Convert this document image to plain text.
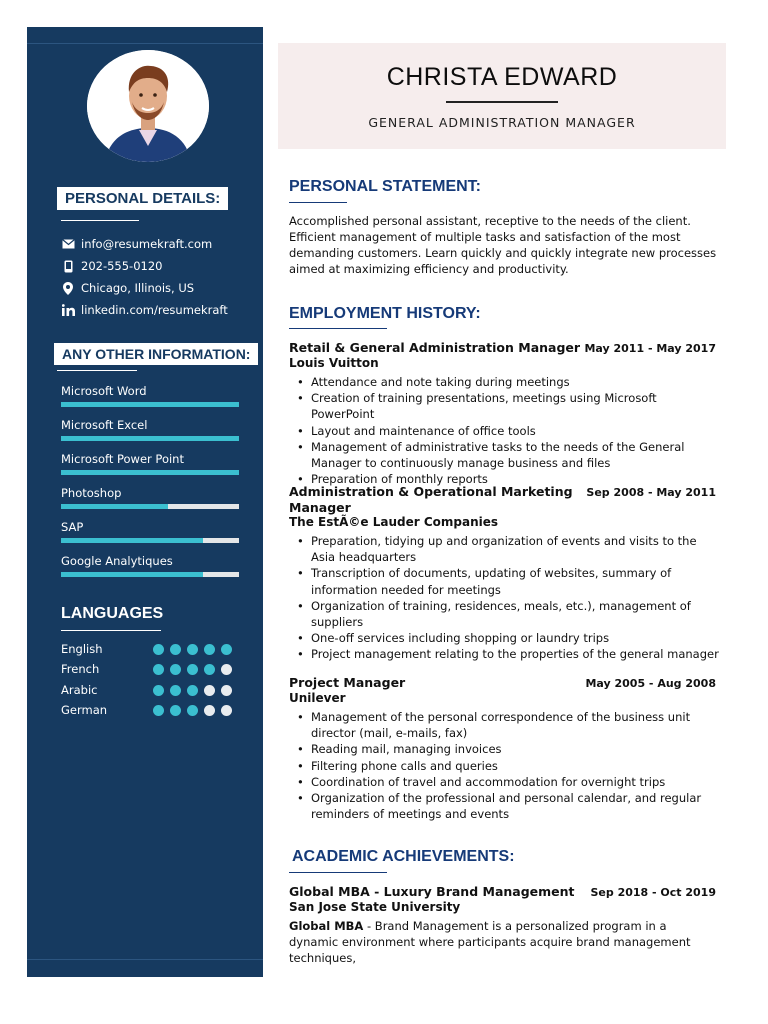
PERSONAL DETAILS:
info@resumekraft.com
202-555-0120
Chicago, Illinois, US
linkedin.com/resumekraft
ANY OTHER INFORMATION:
Microsoft Word
Microsoft Excel
Microsoft Power Point
Photoshop
SAP
Google Analytiques
LANGUAGES
English
French
Arabic
German
CHRISTA EDWARD
GENERAL ADMINISTRATION MANAGER
PERSONAL STATEMENT:
Accomplished personal assistant, receptive to the needs of the client. Efficient management of multiple tasks and satisfaction of the most demanding customers. Learn quickly and quickly integrate new processes aimed at maximizing efficiency and productivity.
EMPLOYMENT HISTORY:
Retail & General Administration Manager May 2011 - May 2017
Louis Vuitton
• Attendance and note taking during meetings
• Creation of training presentations, meetings using Microsoft PowerPoint
• Layout and maintenance of office tools
• Management of administrative tasks to the needs of the General Manager to continuously manage business and files
• Preparation of monthly reports
Administration & Operational Marketing Manager
Sep 2008 - May 2011
The EstÃ©e Lauder Companies
• Preparation, tidying up and organization of events and visits to the Asia headquarters
• Transcription of documents, updating of websites, summary of information needed for meetings
• Organization of training, residences, meals, etc.), management of suppliers
• One-off services including shopping or laundry trips
• Project management relating to the properties of the general manager
Project Manager	May 2005 - Aug 2008
Unilever
• Management of the personal correspondence of the business unit director (mail, e-mails, fax)
• Reading mail, managing invoices
• Filtering phone calls and queries
• Coordination of travel and accommodation for overnight trips
• Organization of the professional and personal calendar, and regular reminders of meetings and events
ACADEMIC ACHIEVEMENTS:
Global MBA - Luxury Brand Management Sep 2018 - Oct 2019
San Jose State University
Global MBA - Brand Management is a personalized program in a dynamic environment where participants acquire brand management techniques,
